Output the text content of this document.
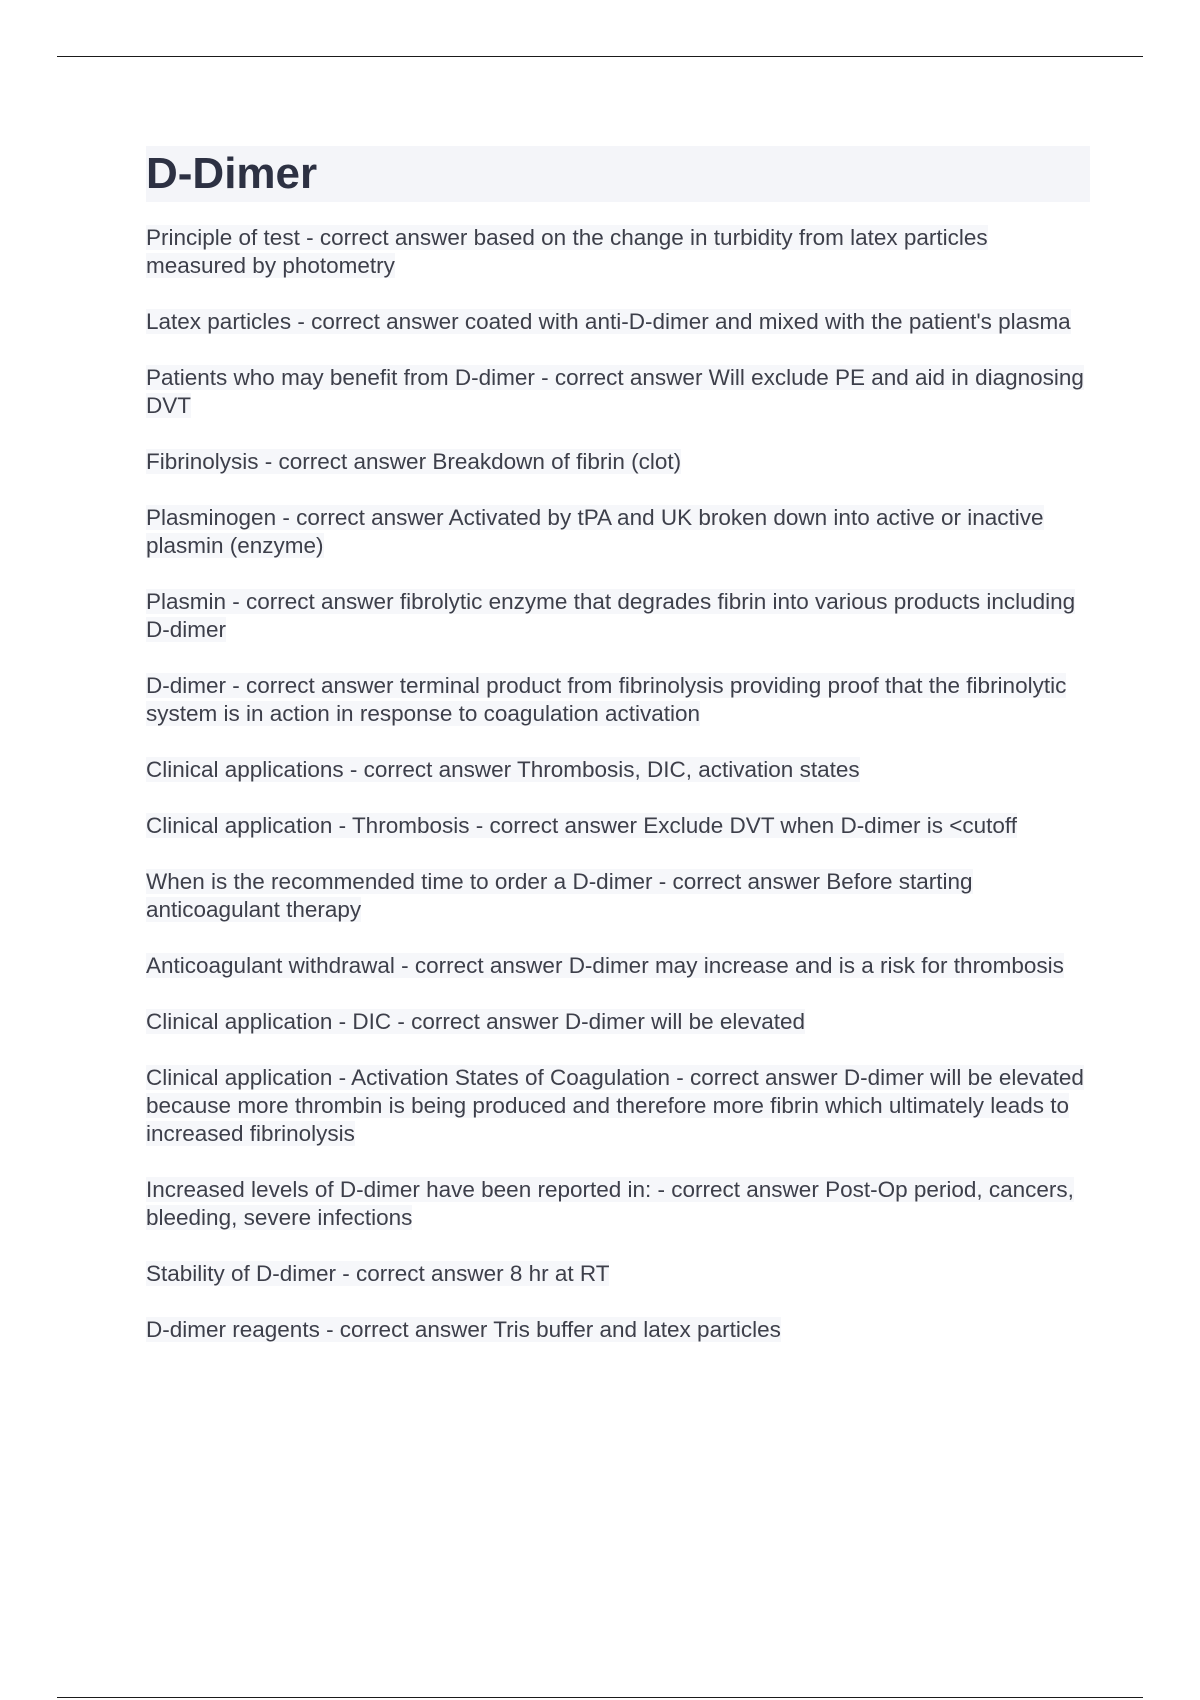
D-Dimer
Principle of test - correct answer based on the change in turbidity from latex particles measured by photometry
Latex particles - correct answer coated with anti-D-dimer and mixed with the patient's plasma
Patients who may benefit from D-dimer - correct answer Will exclude PE and aid in diagnosing DVT
Fibrinolysis - correct answer Breakdown of fibrin (clot)
Plasminogen - correct answer Activated by tPA and UK broken down into active or inactive plasmin (enzyme)
Plasmin - correct answer fibrolytic enzyme that degrades fibrin into various products including D-dimer
D-dimer - correct answer terminal product from fibrinolysis providing proof that the fibrinolytic system is in action in response to coagulation activation
Clinical applications - correct answer Thrombosis, DIC, activation states
Clinical application - Thrombosis - correct answer Exclude DVT when D-dimer is <cutoff
When is the recommended time to order a D-dimer - correct answer Before starting anticoagulant therapy
Anticoagulant withdrawal - correct answer D-dimer may increase and is a risk for thrombosis
Clinical application - DIC - correct answer D-dimer will be elevated
Clinical application - Activation States of Coagulation - correct answer D-dimer will be elevated because more thrombin is being produced and therefore more fibrin which ultimately leads to increased fibrinolysis
Increased levels of D-dimer have been reported in: - correct answer Post-Op period, cancers, bleeding, severe infections
Stability of D-dimer - correct answer 8 hr at RT
D-dimer reagents - correct answer Tris buffer and latex particles
